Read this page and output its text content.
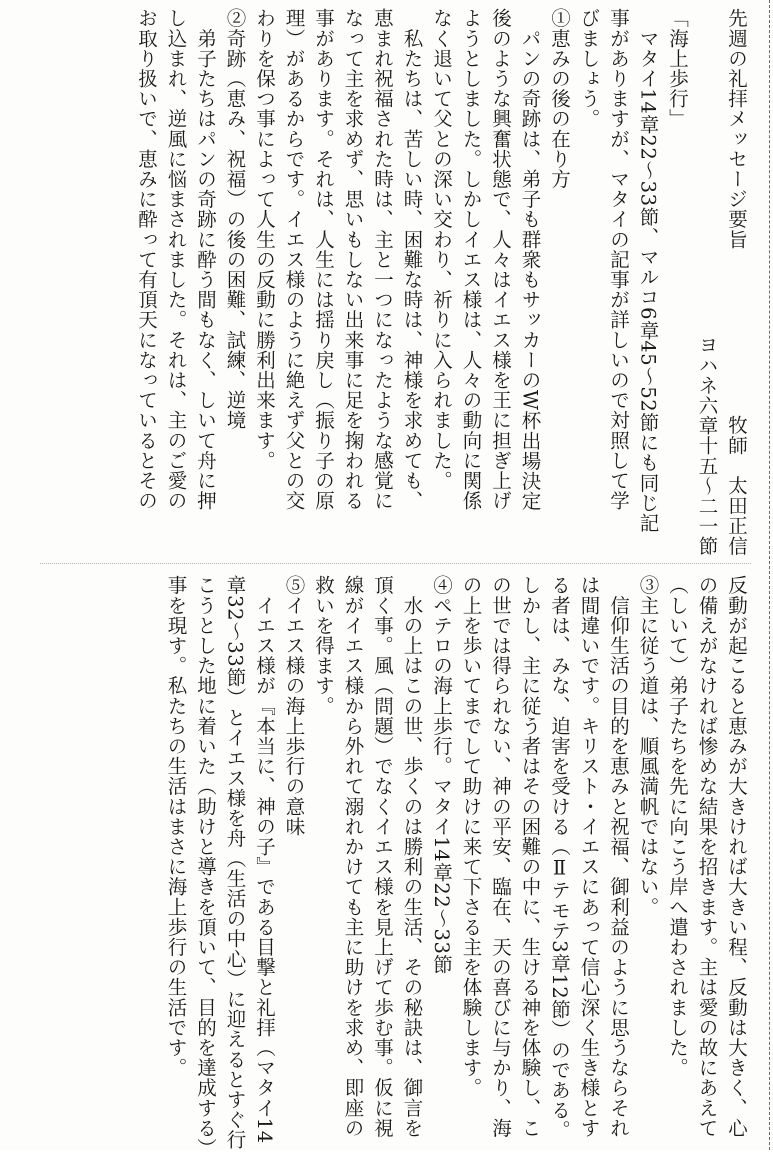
先週の礼拝メッセージ要旨
牧師　太田正信
ヨハネ六章十五〜二一節
「海上歩行」
　マタイ14章22〜33節、マルコ6章45〜52節にも同じ記
事がありますが、マタイの記事が詳しいので対照して学
びましょう。
①恵みの後の在り方
　パンの奇跡は、弟子も群衆もサッカーのW杯出場決定
後のような興奮状態で、人々はイエス様を王に担ぎ上げ
ようとしました。しかしイエス様は、人々の動向に関係
なく退いて父との深い交わり、祈りに入られました。
　私たちは、苦しい時、困難な時は、神様を求めても、
恵まれ祝福された時は、主と一つになったような感覚に
なって主を求めず、思いもしない出来事に足を掬われる
事があります。それは、人生には揺り戻し（振り子の原
理）があるからです。イエス様のように絶えず父との交
わりを保つ事によって人生の反動に勝利出来ます。
②奇跡（恵み、祝福）の後の困難、試練、逆境
　弟子たちはパンの奇跡に酔う間もなく、しいて舟に押
し込まれ、逆風に悩まされました。それは、主のご愛の
お取り扱いで、恵みに酔って有頂天になっているとその
反動が起こると恵みが大きければ大きい程、反動は大きく、心
の備えがなければ惨めな結果を招きます。主は愛の故にあえて
（しいて）弟子たちを先に向こう岸へ遣わされました。
③主に従う道は、順風満帆ではない。
　信仰生活の目的を恵みと祝福、御利益のように思うならそれ
は間違いです。キリスト・イエスにあって信心深く生き様とす
る者は、みな、迫害を受ける（Ⅱテモテ3章12節）のである。
しかし、主に従う者はその困難の中に、生ける神を体験し、こ
の世では得られない、神の平安、臨在、天の喜びに与かり、海
の上を歩いてまでして助けに来て下さる主を体験します。
④ペテロの海上歩行。マタイ14章22〜33節
　水の上はこの世、歩くのは勝利の生活、その秘訣は、御言を
頂く事。風（問題）でなくイエス様を見上げて歩む事。仮に視
線がイエス様から外れて溺れかけても主に助けを求め、即座の
救いを得ます。
⑤イエス様の海上歩行の意味
　イエス様が『本当に、神の子』である目撃と礼拝（マタイ14
章32〜33節）とイエス様を舟（生活の中心）に迎えるとすぐ行
こうとした地に着いた（助けと導きを頂いて、目的を達成する）
事を現す。私たちの生活はまさに海上歩行の生活です。
